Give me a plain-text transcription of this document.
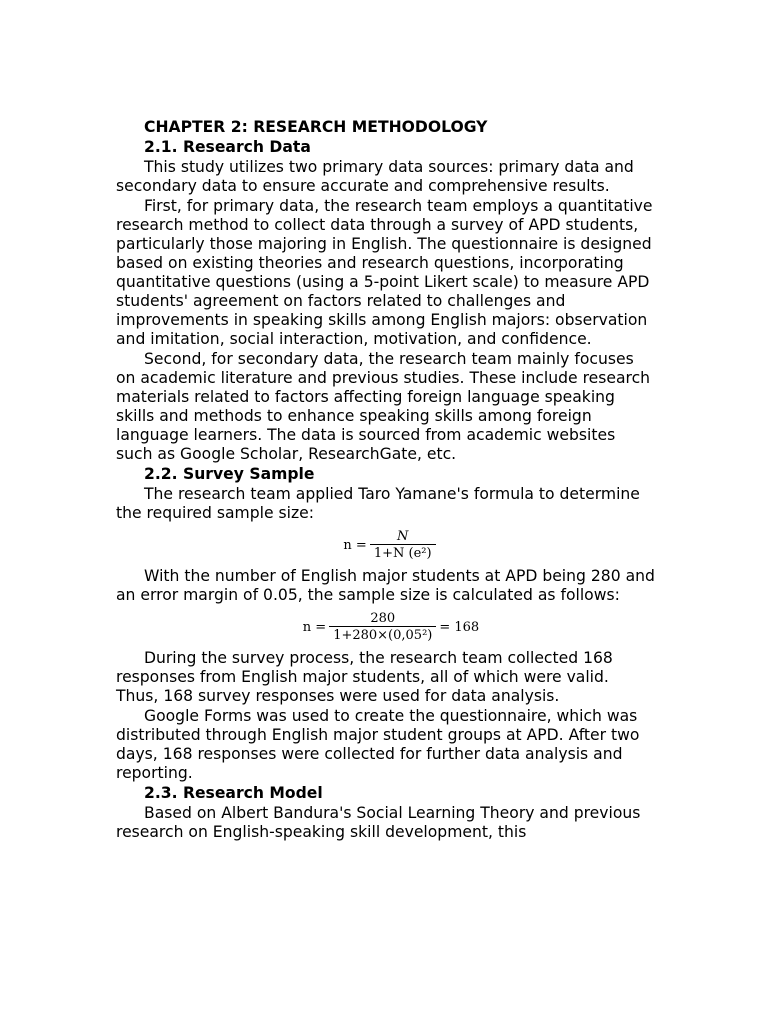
CHAPTER 2: RESEARCH METHODOLOGY
2.1. Research Data

This study utilizes two primary data sources: primary data and secondary data to ensure accurate and comprehensive results.

First, for primary data, the research team employs a quantitative research method to collect data through a survey of APD students, particularly those majoring in English. The questionnaire is designed based on existing theories and research questions, incorporating quantitative questions (using a 5-point Likert scale) to measure APD students' agreement on factors related to challenges and improvements in speaking skills among English majors: observation and imitation, social interaction, motivation, and confidence.

Second, for secondary data, the research team mainly focuses on academic literature and previous studies. These include research materials related to factors affecting foreign language speaking skills and methods to enhance speaking skills among foreign language learners. The data is sourced from academic websites such as Google Scholar, ResearchGate, etc.

2.2. Survey Sample

The research team applied Taro Yamane's formula to determine the required sample size:

$n = \frac{N}{\text{1+N (e²)}}$

With the number of English major students at APD being 280 and an error margin of 0.05, the sample size is calculated as follows:

$n = \frac{280}{\text{1+280×(0,05²)}} = 168$

During the survey process, the research team collected 168 responses from English major students, all of which were valid. Thus, 168 survey responses were used for data analysis.

Google Forms was used to create the questionnaire, which was distributed through English major student groups at APD. After two days, 168 responses were collected for further data analysis and reporting.

2.3. Research Model

Based on Albert Bandura's Social Learning Theory and previous research on English-speaking skill development, this
